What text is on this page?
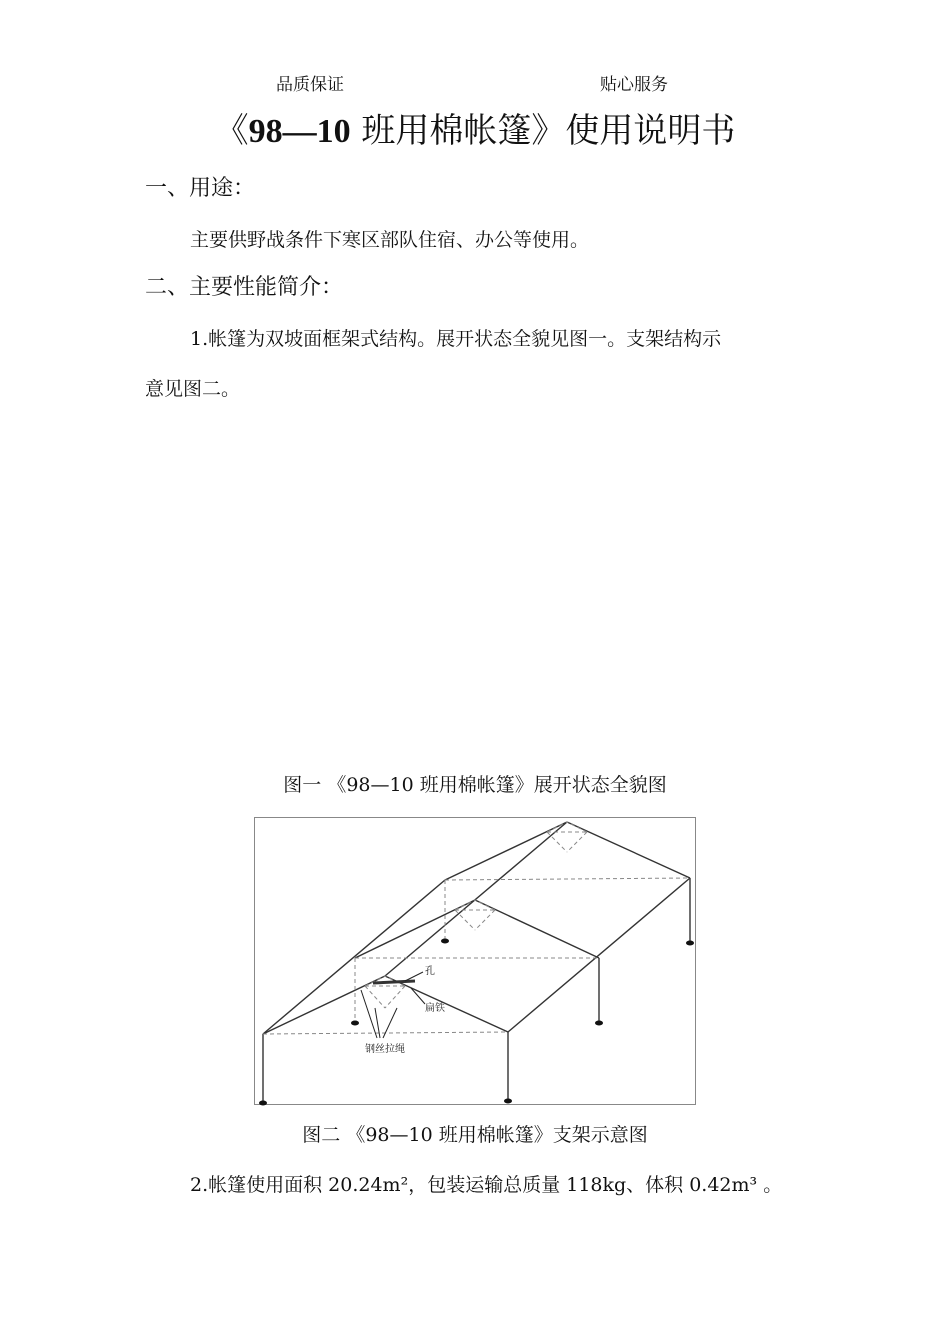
品质保证	贴心服务
《98—10 班用棉帐篷》使用说明书
一、用途：
主要供野战条件下寒区部队住宿、办公等使用。
二、主要性能简介：
1.帐篷为双坡面框架式结构。展开状态全貌见图一。支架结构示
意见图二。
图一 《98—10 班用棉帐篷》展开状态全貌图
孔
扁铁
钢丝拉绳
图二 《98—10 班用棉帐篷》支架示意图
2.帐篷使用面积 20.24m²，包装运输总质量 118kg、体积 0.42m³ 。
